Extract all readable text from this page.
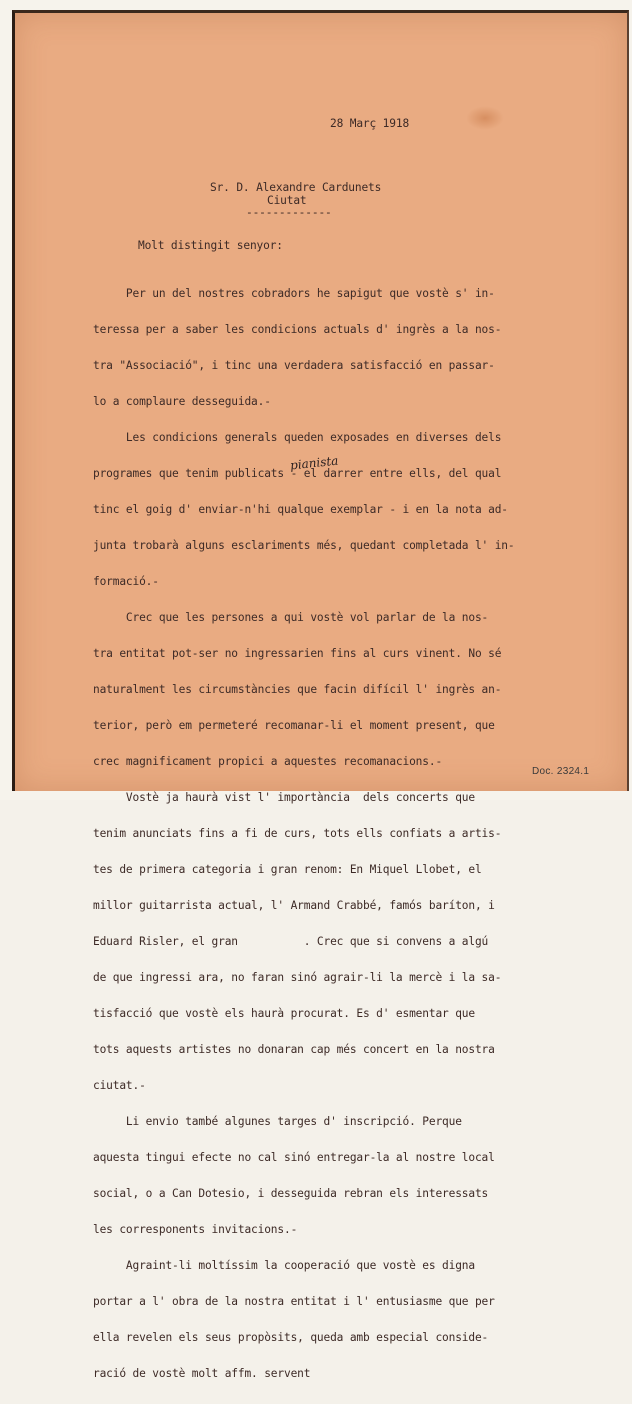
28 Març 1918
Sr. D. Alexandre Cardunets
Ciutat
-------------
Molt distingit senyor:

Per un del nostres cobradors he sapigut que vostè s' in-

teressa per a saber les condicions actuals d' ingrès a la nos-

tra "Associació", i tinc una verdadera satisfacció en passar-

lo a complaure desseguida.-

Les condicions generals queden exposades en diverses dels

programes que tenim publicats - el darrer entre ells, del qual

tinc el goig d' enviar-n'hi qualque exemplar - i en la nota ad-

junta trobarà alguns esclariments més, quedant completada l' in-

formació.-

Crec que les persones a qui vostè vol parlar de la nos-

tra entitat pot-ser no ingressarien fins al curs vinent. No sé

naturalment les circumstàncies que facin difícil l' ingrès an-

terior, però em permeteré recomanar-li el moment present, que

crec magnificament propici a aquestes recomanacions.-

Vostè ja haurà vist l' importància  dels concerts que

tenim anunciats fins a fi de curs, tots ells confiats a artis-

tes de primera categoria i gran renom: En Miquel Llobet, el

millor guitarrista actual, l' Armand Crabbé, famós baríton, i

Eduard Risler, el gran          . Crec que si convens a algú

de que ingressi ara, no faran sinó agrair-li la mercè i la sa-

tisfacció que vostè els haurà procurat. Es d' esmentar que

tots aquests artistes no donaran cap més concert en la nostra

ciutat.-

Li envio també algunes targes d' inscripció. Perque

aquesta tingui efecte no cal sinó entregar-la al nostre local

social, o a Can Dotesio, i desseguida rebran els interessats

les corresponents invitacions.-

Agraint-li moltíssim la cooperació que vostè es digna

portar a l' obra de la nostra entitat i l' entusiasme que per

ella revelen els seus propòsits, queda amb especial conside-

ració de vostè molt affm. servent

pianista
Doc. 2324.1
